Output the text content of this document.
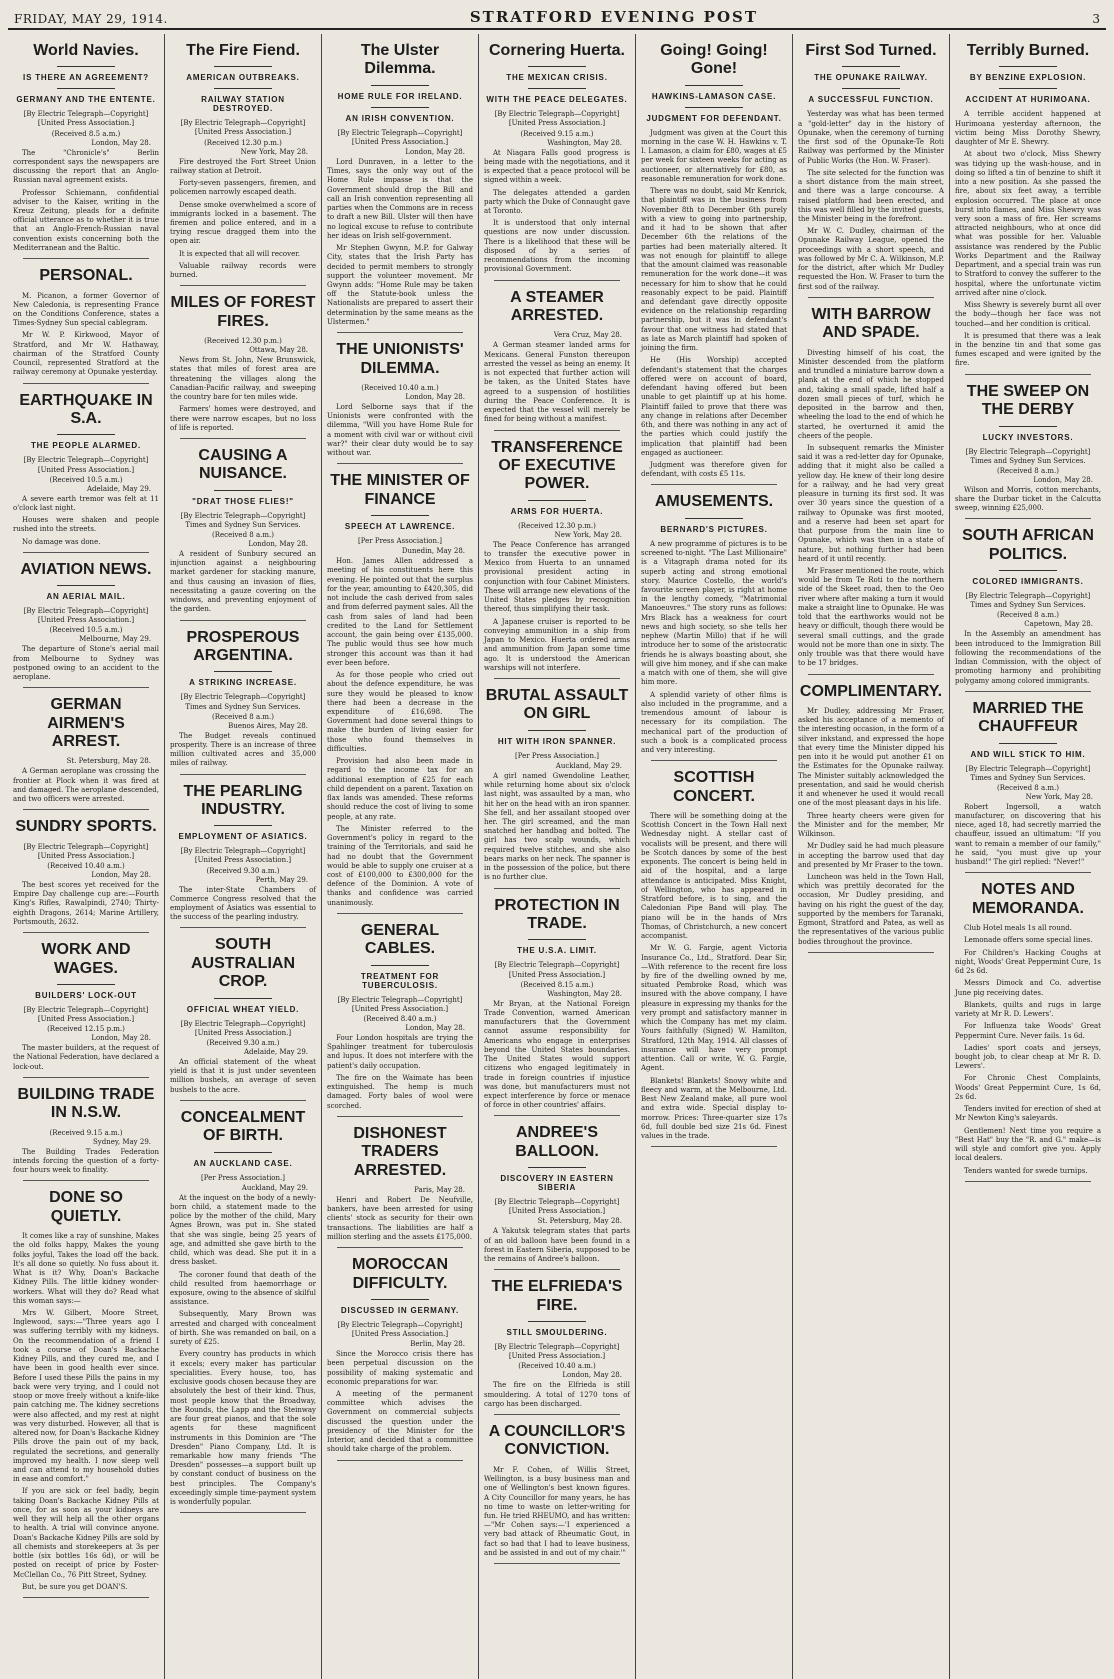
FRIDAY, MAY 29, 1914.	STRATFORD EVENING POST	3
World Navies.
IS THERE AN AGREEMENT?
GERMANY AND THE ENTENTE.
[By Electric Telegraph—Copyright] [United Press Association.]
(Received 8.5 a.m.)
London, May 28.

The "Chronicle's" Berlin correspondent says the newspapers are discussing the report that an Anglo-Russian naval agreement exists.

Professor Schiemann, confidential adviser to the Kaiser, writing in the Kreuz Zeitung, pleads for a definite official utterance as to whether it is true that an Anglo-French-Russian naval convention exists concerning both the Mediterranean and the Baltic.

PERSONAL.

M. Picanon, a former Governor of New Caledonia, is representing France on the Conditions Conference, states a Times-Sydney Sun special cablegram.

Mr W. P. Kirkwood, Mayor of Stratford, and Mr W. Hathaway, chairman of the Stratford County Council, represented Stratford at the railway ceremony at Opunake yesterday.

EARTHQUAKE IN S.A.
THE PEOPLE ALARMED.
[By Electric Telegraph—Copyright] [United Press Association.]
(Received 10.5 a.m.)
Adelaide, May 29.

A severe earth tremor was felt at 11 o'clock last night.

Houses were shaken and people rushed into the streets.

No damage was done.

AVIATION NEWS.
AN AERIAL MAIL.
[By Electric Telegraph—Copyright] [United Press Association.]
(Received 10.5 a.m.)
Melbourne, May 29.

The departure of Stone's aerial mail from Melbourne to Sydney was postponed owing to an accident to the aeroplane.

GERMAN AIRMEN'S ARREST.
St. Petersburg, May 28.

A German aeroplane was crossing the frontier at Plock when it was fired at and damaged. The aeroplane descended, and two officers were arrested.

SUNDRY SPORTS.
[By Electric Telegraph—Copyright] [United Press Association.]
(Received 10.40 a.m.)
London, May 28.

The best scores yet received for the Empire Day challenge cup are:—Fourth King's Rifles, Rawalpindi, 2740; Thirty-eighth Dragons, 2614; Marine Artillery, Portsmouth, 2632.

WORK AND WAGES.
BUILDERS' LOCK-OUT
[By Electric Telegraph—Copyright] [United Press Association.]
(Received 12.15 p.m.)
London, May 28.

The master builders, at the request of the National Federation, have declared a lock-out.

BUILDING TRADE IN N.S.W.
(Received 9.15 a.m.)
Sydney, May 29.

The Building Trades Federation intends forcing the question of a forty-four hours week to finality.

DONE SO QUIETLY.

It comes like a ray of sunshine, Makes the old folks happy, Makes the young folks joyful, Takes the load off the back. It's all done so quietly. No fuss about it. What is it? Why, Doan's Backache Kidney Pills. The little kidney wonder-workers. What will they do? Read what this woman says:—

Mrs W. Gilbert, Moore Street, Inglewood, says:—"Three years ago I was suffering terribly with my kidneys. On the recommendation of a friend I took a course of Doan's Backache Kidney Pills, and they cured me, and I have been in good health ever since. Before I used these Pills the pains in my back were very trying, and I could not stoop or move freely without a knife-like pain catching me. The kidney secretions were also affected, and my rest at night was very disturbed. However, all that is altered now, for Doan's Backache Kidney Pills drove the pain out of my back, regulated the secretions, and generally improved my health. I now sleep well and can attend to my household duties in ease and comfort."

If you are sick or feel badly, begin taking Doan's Backache Kidney Pills at once, for as soon as your kidneys are well they will help all the other organs to health. A trial will convince anyone. Doan's Backache Kidney Pills are sold by all chemists and storekeepers at 3s per bottle (six bottles 16s 6d), or will be posted on receipt of price by Foster-McClellan Co., 76 Pitt Street, Sydney.

But, be sure you get DOAN'S.

The Fire Fiend.
AMERICAN OUTBREAKS.
RAILWAY STATION DESTROYED.
[By Electric Telegraph—Copyright] [United Press Association.]
(Received 12.30 p.m.)
New York, May 28.

Fire destroyed the Fort Street Union railway station at Detroit.

Forty-seven passengers, firemen, and policemen narrowly escaped death.

Dense smoke overwhelmed a score of immigrants locked in a basement. The firemen and police entered, and in a trying rescue dragged them into the open air.

It is expected that all will recover.

Valuable railway records were burned.

MILES OF FOREST FIRES.
(Received 12.30 p.m.)
Ottawa, May 28.

News from St. John, New Brunswick, states that miles of forest area are threatening the villages along the Canadian-Pacific railway, and sweeping the country bare for ten miles wide.

Farmers' homes were destroyed, and there were narrow escapes, but no loss of life is reported.

CAUSING A NUISANCE.
"DRAT THOSE FLIES!"
[By Electric Telegraph—Copyright] Times and Sydney Sun Services.
(Received 8 a.m.)
London, May 28.

A resident of Sunbury secured an injunction against a neighbouring market gardener for stacking manure, and thus causing an invasion of flies, necessitating a gauze covering on the windows, and preventing enjoyment of the garden.

PROSPEROUS ARGENTINA.
A STRIKING INCREASE.
[By Electric Telegraph—Copyright] Times and Sydney Sun Services.
(Received 8 a.m.)
Buenos Aires, May 28.

The Budget reveals continued prosperity. There is an increase of three million cultivated acres and 35,000 miles of railway.

THE PEARLING INDUSTRY.
EMPLOYMENT OF ASIATICS.
[By Electric Telegraph—Copyright] [United Press Association.]
(Received 9.30 a.m.)
Perth, May 29.

The inter-State Chambers of Commerce Congress resolved that the employment of Asiatics was essential to the success of the pearling industry.

SOUTH AUSTRALIAN CROP.
OFFICIAL WHEAT YIELD.
[By Electric Telegraph—Copyright] [United Press Association.]
(Received 9.30 a.m.)
Adelaide, May 29.

An official statement of the wheat yield is that it is just under seventeen million bushels, an average of seven bushels to the acre.

CONCEALMENT OF BIRTH.
AN AUCKLAND CASE.
[Per Press Association.]
Auckland, May 29.

At the inquest on the body of a newly-born child, a statement made to the police by the mother of the child, Mary Agnes Brown, was put in. She stated that she was single, being 25 years of age, and admitted she gave birth to the child, which was dead. She put it in a dress basket.

The coroner found that death of the child resulted from haemorrhage or exposure, owing to the absence of skilful assistance.

Subsequently, Mary Brown was arrested and charged with concealment of birth. She was remanded on bail, on a surety of £25.

Every country has products in which it excels; every maker has particular specialities. Every house, too, has exclusive goods chosen because they are absolutely the best of their kind. Thus, most people know that the Broadway, the Rounds, the Lapp and the Steinway are four great pianos, and that the sole agents for these magnificent instruments in this Dominion are "The Dresden" Piano Company, Ltd. It is remarkable how many friends "The Dresden" possesses—a support built up by constant conduct of business on the best principles. The Company's exceedingly simple time-payment system is wonderfully popular.

The Ulster Dilemma.
HOME RULE FOR IRELAND.
AN IRISH CONVENTION.
[By Electric Telegraph—Copyright] [United Press Association.]
London, May 28.

Lord Dunraven, in a letter to the Times, says the only way out of the Home Rule impasse is that the Government should drop the Bill and call an Irish convention representing all parties when the Commons are in recess to draft a new Bill. Ulster will then have no logical excuse to refuse to contribute her ideas on Irish self-government.

Mr Stephen Gwynn, M.P. for Galway City, states that the Irish Party has decided to permit members to strongly support the volunteer movement. Mr Gwynn adds: "Home Rule may be taken off the Statute-book unless the Nationalists are prepared to assert their determination by the same means as the Ulstermen."

THE UNIONISTS' DILEMMA.
(Received 10.40 a.m.)
London, May 28.

Lord Selborne says that if the Unionists were confronted with the dilemma, "Will you have Home Rule for a moment with civil war or without civil war?" their clear duty would be to say without war.

THE MINISTER OF FINANCE
SPEECH AT LAWRENCE.
[Per Press Association.]
Dunedin, May 28.

Hon. James Allen addressed a meeting of his constituents here this evening. He pointed out that the surplus for the year, amounting to £420,305, did not include the cash derived from sales and from deferred payment sales. All the cash from sales of land had been credited to the Land for Settlement account, the gain being over £135,000. The public would thus see how much stronger this account was than it had ever been before.

As for those people who cried out about the defence expenditure, he was sure they would be pleased to know there had been a decrease in the expenditure of £16,698. The Government had done several things to make the burden of living easier for those who found themselves in difficulties.

Provision had also been made in regard to the income tax for an additional exemption of £25 for each child dependent on a parent. Taxation on flax lands was amended. These reforms should reduce the cost of living to some people, at any rate.

The Minister referred to the Government's policy in regard to the training of the Territorials, and said he had no doubt that the Government would be able to supply one cruiser at a cost of £100,000 to £300,000 for the defence of the Dominion. A vote of thanks and confidence was carried unanimously.

GENERAL CABLES.
TREATMENT FOR TUBERCULOSIS.
[By Electric Telegraph—Copyright] [United Press Association.]
(Received 8.40 a.m.)
London, May 28.

Four London hospitals are trying the Spahlinger treatment for tuberculosis and lupus. It does not interfere with the patient's daily occupation.

The fire on the Waimate has been extinguished. The hemp is much damaged. Forty bales of wool were scorched.

DISHONEST TRADERS ARRESTED.
Paris, May 28.

Henri and Robert De Neufville, bankers, have been arrested for using clients' stock as security for their own transactions. The liabilities are half a million sterling and the assets £175,000.

MOROCCAN DIFFICULTY.
DISCUSSED IN GERMANY.
[By Electric Telegraph—Copyright] [United Press Association.]
Berlin, May 28.

Since the Morocco crisis there has been perpetual discussion on the possibility of making systematic and economic preparations for war.

A meeting of the permanent committee which advises the Government on commercial subjects discussed the question under the presidency of the Minister for the Interior, and decided that a committee should take charge of the problem.

Cornering Huerta.
THE MEXICAN CRISIS.
WITH THE PEACE DELEGATES.
[By Electric Telegraph—Copyright] [United Press Association.]
(Received 9.15 a.m.)
Washington, May 28.

At Niagara Falls good progress is being made with the negotiations, and it is expected that a peace protocol will be signed within a week.

The delegates attended a garden party which the Duke of Connaught gave at Toronto.

It is understood that only internal questions are now under discussion. There is a likelihood that these will be disposed of by a series of recommendations from the incoming provisional Government.

A STEAMER ARRESTED.
Vera Cruz, May 28.

A German steamer landed arms for Mexicans. General Funston thereupon arrested the vessel as being an enemy. It is not expected that further action will be taken, as the United States have agreed to a suspension of hostilities during the Peace Conference. It is expected that the vessel will merely be fined for being without a manifest.

TRANSFERENCE OF EXECUTIVE POWER.
ARMS FOR HUERTA.
(Received 12.30 p.m.)
New York, May 28.

The Peace Conference has arranged to transfer the executive power in Mexico from Huerta to an unnamed provisional president acting in conjunction with four Cabinet Ministers. These will arrange new elevations of the United States pledges by recognition thereof, thus simplifying their task.

A Japanese cruiser is reported to be conveying ammunition in a ship from Japan to Mexico. Huerta ordered arms and ammunition from Japan some time ago. It is understood the American warships will not interfere.

BRUTAL ASSAULT ON GIRL
HIT WITH IRON SPANNER.
[Per Press Association.]
Auckland, May 29.

A girl named Gwendoline Leather, while returning home about six o'clock last night, was assaulted by a man, who hit her on the head with an iron spanner. She fell, and her assailant stooped over her. The girl screamed, and the man snatched her handbag and bolted. The girl has two scalp wounds, which required twelve stitches, and she also bears marks on her neck. The spanner is in the possession of the police, but there is no further clue.

PROTECTION IN TRADE.
THE U.S.A. LIMIT.
[By Electric Telegraph—Copyright] [United Press Association.]
(Received 8.15 a.m.)
Washington, May 28.

Mr Bryan, at the National Foreign Trade Convention, warned American manufacturers that the Government cannot assume responsibility for Americans who engage in enterprises beyond the United States boundaries. The United States would support citizens who engaged legitimately in trade in foreign countries if injustice was done, but manufacturers must not expect interference by force or menace of force in other countries' affairs.

ANDREE'S BALLOON.
DISCOVERY IN EASTERN SIBERIA
[By Electric Telegraph—Copyright] [United Press Association.]
St. Petersburg, May 28.

A Yakutsk telegram states that parts of an old balloon have been found in a forest in Eastern Siberia, supposed to be the remains of Andree's balloon.

THE ELFRIEDA'S FIRE.
STILL SMOULDERING.
[By Electric Telegraph—Copyright] [United Press Association.]
(Received 10.40 a.m.)
London, May 28.

The fire on the Elfrieda is still smouldering. A total of 1270 tons of cargo has been discharged.

A COUNCILLOR'S CONVICTION.

Mr F. Cohen, of Willis Street, Wellington, is a busy business man and one of Wellington's best known figures. A City Councillor for many years, he has no time to waste on letter-writing for fun. He tried RHEUMO, and has written:—"Mr Cohen says:—'I experienced a very bad attack of Rheumatic Gout, in fact so bad that I had to leave business, and be assisted in and out of my chair.'"

Going! Going! Gone!
HAWKINS-LAMASON CASE.
JUDGMENT FOR DEFENDANT.

Judgment was given at the Court this morning in the case W. H. Hawkins v. T. I. Lamason, a claim for £80, wages at £5 per week for sixteen weeks for acting as auctioneer, or alternatively for £80, as reasonable remuneration for work done.

There was no doubt, said Mr Kenrick, that plaintiff was in the business from November 8th to December 6th purely with a view to going into partnership, and it had to be shown that after December 6th the relations of the parties had been materially altered. It was not enough for plaintiff to allege that the amount claimed was reasonable remuneration for the work done—it was necessary for him to show that he could reasonably expect to be paid. Plaintiff and defendant gave directly opposite evidence on the relationship regarding partnership, but it was in defendant's favour that one witness had stated that as late as March plaintiff had spoken of joining the firm.

He (His Worship) accepted defendant's statement that the charges offered were on account of board, defendant having offered but been unable to get plaintiff up at his home. Plaintiff failed to prove that there was any change in relations after December 6th, and there was nothing in any act of the parties which could justify the implication that plaintiff had been engaged as auctioneer.

Judgment was therefore given for defendant, with costs £5 11s.

AMUSEMENTS.
BERNARD'S PICTURES.

A new programme of pictures is to be screened to-night. "The Last Millionaire" is a Vitagraph drama noted for its superb acting and strong emotional story. Maurice Costello, the world's favourite screen player, is right at home in the lengthy comedy, "Matrimonial Manoeuvres." The story runs as follows: Mrs Black has a weakness for court news and high society, so she tells her nephew (Martin Millo) that if he will introduce her to some of the aristocratic friends he is always boasting about, she will give him money, and if she can make a match with one of them, she will give him more.

A splendid variety of other films is also included in the programme, and a tremendous amount of labour is necessary for its compilation. The mechanical part of the production of such a book is a complicated process and very interesting.

SCOTTISH CONCERT.

There will be something doing at the Scottish Concert in the Town Hall next Wednesday night. A stellar cast of vocalists will be present, and there will be Scotch dances by some of the best exponents. The concert is being held in aid of the hospital, and a large attendance is anticipated. Miss Knight, of Wellington, who has appeared in Stratford before, is to sing, and the Caledonian Pipe Band will play. The piano will be in the hands of Mrs Thomas, of Christchurch, a new concert accompanist.

Mr W. G. Fargie, agent Victoria Insurance Co., Ltd., Stratford. Dear Sir,—With reference to the recent fire loss by fire of the dwelling owned by me, situated Pembroke Road, which was insured with the above company, I have pleasure in expressing my thanks for the very prompt and satisfactory manner in which the Company has met my claim. Yours faithfully (Signed) W. Hamilton, Stratford, 12th May, 1914. All classes of insurance will have very prompt attention. Call or write, W. G. Fargie, Agent.

Blankets! Blankets! Snowy white and fleecy and warm, at the Melbourne, Ltd. Best New Zealand make, all pure wool and extra wide. Special display to-morrow. Prices: Three-quarter size 17s 6d, full double bed size 21s 6d. Finest values in the trade.

First Sod Turned.
THE OPUNAKE RAILWAY.
A SUCCESSFUL FUNCTION.

Yesterday was what has been termed a "gold-letter" day in the history of Opunake, when the ceremony of turning the first sod of the Opunake-Te Roti Railway was performed by the Minister of Public Works (the Hon. W. Fraser).

The site selected for the function was a short distance from the main street, and there was a large concourse. A raised platform had been erected, and this was well filled by the invited guests, the Minister being in the forefront.

Mr W. C. Dudley, chairman of the Opunake Railway League, opened the proceedings with a short speech, and was followed by Mr C. A. Wilkinson, M.P. for the district, after which Mr Dudley requested the Hon. W. Fraser to turn the first sod of the railway.

WITH BARROW AND SPADE.

Divesting himself of his coat, the Minister descended from the platform and trundled a miniature barrow down a plank at the end of which he stopped and, taking a small spade, lifted half a dozen small pieces of turf, which he deposited in the barrow and then, wheeling the load to the end of which he started, he overturned it amid the cheers of the people.

In subsequent remarks the Minister said it was a red-letter day for Opunake, adding that it might also be called a yellow day. He knew of their long desire for a railway, and he had very great pleasure in turning its first sod. It was over 30 years since the question of a railway to Opunake was first mooted, and a reserve had been set apart for that purpose from the main line to Opunake, which was then in a state of nature, but nothing further had been heard of it until recently.

Mr Fraser mentioned the route, which would be from Te Roti to the northern side of the Skeet road, then to the Oeo river where after making a turn it would make a straight line to Opunake. He was told that the earthworks would not be heavy or difficult, though there would be several small cuttings, and the grade would not be more than one in sixty. The only trouble was that there would have to be 17 bridges.

COMPLIMENTARY.

Mr Dudley, addressing Mr Fraser, asked his acceptance of a memento of the interesting occasion, in the form of a silver inkstand, and expressed the hope that every time the Minister dipped his pen into it he would put another £1 on the Estimates for the Opunake railway. The Minister suitably acknowledged the presentation, and said he would cherish it and whenever he used it would recall one of the most pleasant days in his life.

Three hearty cheers were given for the Minister and for the member, Mr Wilkinson.

Mr Dudley said he had much pleasure in accepting the barrow used that day and presented by Mr Fraser to the town.

Luncheon was held in the Town Hall, which was prettily decorated for the occasion, Mr Dudley presiding, and having on his right the guest of the day, supported by the members for Taranaki, Egmont, Stratford and Patea, as well as the representatives of the various public bodies throughout the province.

Terribly Burned.
BY BENZINE EXPLOSION.
ACCIDENT AT HURIMOANA.

A terrible accident happened at Hurimoana yesterday afternoon, the victim being Miss Dorothy Shewry, daughter of Mr E. Shewry.

At about two o'clock, Miss Shewry was tidying up the wash-house, and in doing so lifted a tin of benzine to shift it into a new position. As she passed the fire, about six feet away, a terrible explosion occurred. The place at once burst into flames, and Miss Shewry was very soon a mass of fire. Her screams attracted neighbours, who at once did what was possible for her. Valuable assistance was rendered by the Public Works Department and the Railway Department, and a special train was run to Stratford to convey the sufferer to the hospital, where the unfortunate victim arrived after nine o'clock.

Miss Shewry is severely burnt all over the body—though her face was not touched—and her condition is critical.

It is presumed that there was a leak in the benzine tin and that some gas fumes escaped and were ignited by the fire.

THE SWEEP ON THE DERBY
LUCKY INVESTORS.
[By Electric Telegraph—Copyright] Times and Sydney Sun Services.
(Received 8 a.m.)
London, May 28.

Wilson and Morris, cotton merchants, share the Durbar ticket in the Calcutta sweep, winning £25,000.

SOUTH AFRICAN POLITICS.
COLORED IMMIGRANTS.
[By Electric Telegraph—Copyright] Times and Sydney Sun Services.
(Received 8 a.m.)
Capetown, May 28.

In the Assembly an amendment has been introduced to the Immigration Bill following the recommendations of the Indian Commission, with the object of promoting harmony and prohibiting polygamy among colored immigrants.

MARRIED THE CHAUFFEUR
AND WILL STICK TO HIM.
[By Electric Telegraph—Copyright] Times and Sydney Sun Services.
(Received 8 a.m.)
New York, May 28.

Robert Ingersoll, a watch manufacturer, on discovering that his niece, aged 18, had secretly married the chauffeur, issued an ultimatum: "If you want to remain a member of our family," he said, "you must give up your husband!" The girl replied: "Never!"

NOTES AND MEMORANDA.

Club Hotel meals 1s all round.

Lemonade offers some special lines.

For Children's Hacking Coughs at night, Woods' Great Peppermint Cure, 1s 6d 2s 6d.

Messrs Dimock and Co. advertise June pig receiving dates.

Blankets, quilts and rugs in large variety at Mr R. D. Lewers'.

For Influenza take Woods' Great Peppermint Cure. Never fails. 1s 6d.

Ladies' sport coats and jerseys, bought job, to clear cheap at Mr R. D. Lewers'.

For Chronic Chest Complaints, Woods' Great Peppermint Cure, 1s 6d, 2s 6d.

Tenders invited for erection of shed at Mr Newton King's saleyards.

Gentlemen! Next time you require a "Best Hat" buy the "R. and G." make—is will style and comfort give you. Apply local dealers.

Tenders wanted for swede turnips.
